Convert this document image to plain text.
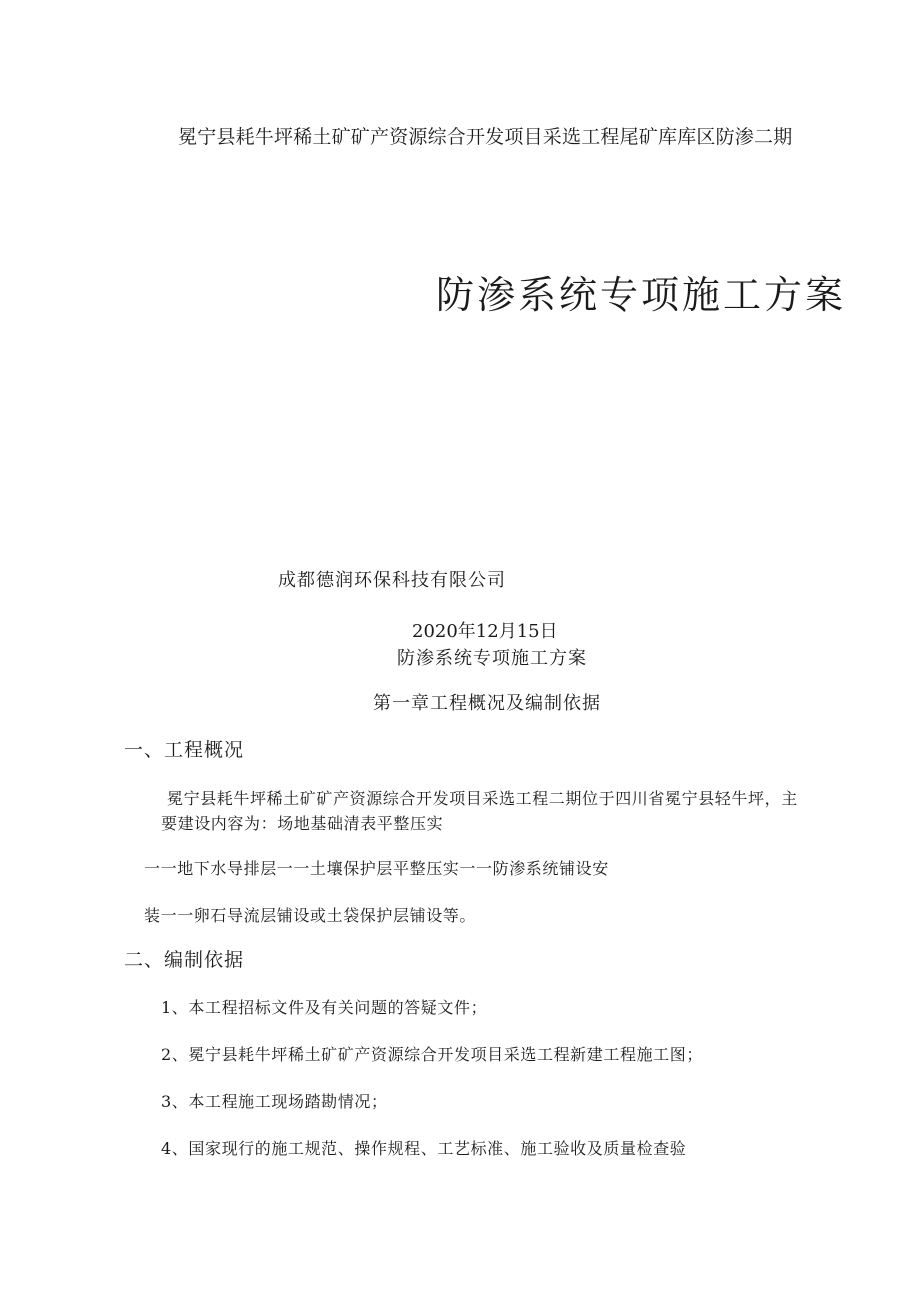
冕宁县耗牛坪稀土矿矿产资源综合开发项目采选工程尾矿库库区防渗二期
防渗系统专项施工方案
成都德润环保科技有限公司
2020年12月15日
防渗系统专项施工方案
第一章工程概况及编制依据
一、工程概况
冕宁县耗牛坪稀土矿矿产资源综合开发项目采选工程二期位于四川省冕宁县轻牛坪，主
要建设内容为：场地基础清表平整压实
一一地下水导排层一一土壤保护层平整压实一一防渗系统铺设安
装一一卵石导流层铺设或土袋保护层铺设等。
二、编制依据
1、本工程招标文件及有关问题的答疑文件；
2、冕宁县耗牛坪稀土矿矿产资源综合开发项目采选工程新建工程施工图；
3、本工程施工现场踏勘情况；
4、国家现行的施工规范、操作规程、工艺标准、施工验收及质量检查验
